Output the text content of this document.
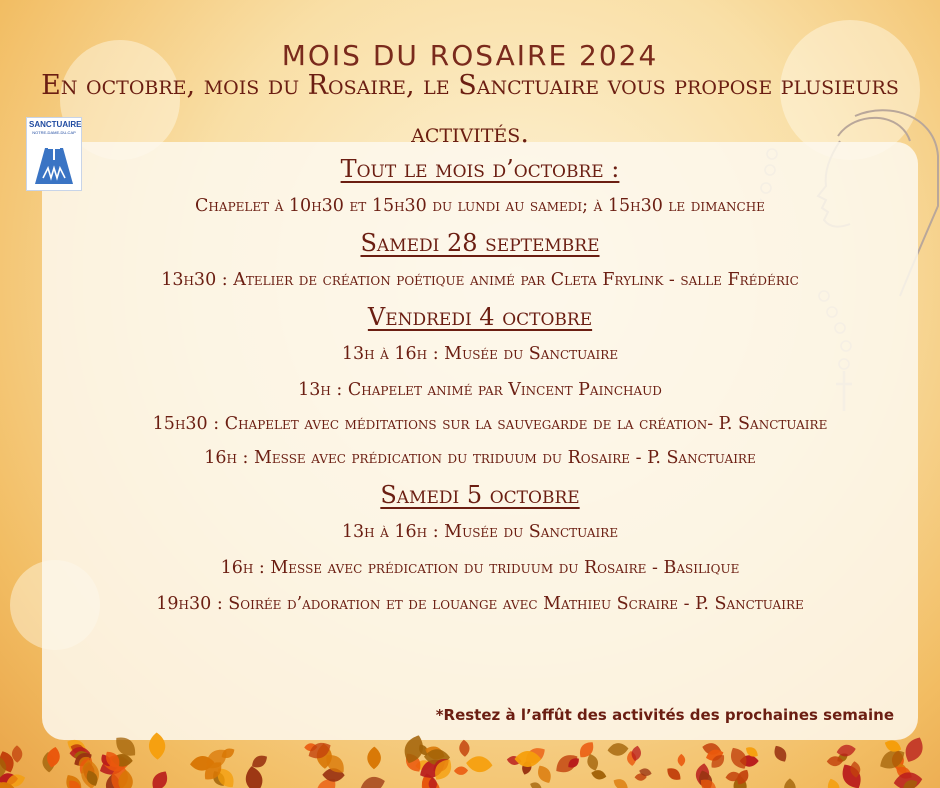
MOIS DU ROSAIRE 2024
En octobre, mois du Rosaire, le Sanctuaire vous propose plusieurs activités.
SANCTUAIRE
NOTRE-DAME-DU-CAP

Tout le mois d’octobre :

Chapelet à 10h30 et 15h30 du lundi au samedi; à 15h30 le dimanche

Samedi 28 septembre

13h30 : Atelier de création poétique animé par Cleta Frylink - salle Frédéric

Vendredi 4 octobre

13h à 16h : Musée du Sanctuaire

13h : Chapelet animé par Vincent Painchaud

15h30 : Chapelet avec méditations sur la sauvegarde de la création- P. Sanctuaire

16h : Messe avec prédication du triduum du Rosaire - P. Sanctuaire

Samedi 5 octobre

13h à 16h : Musée du Sanctuaire

16h : Messe avec prédication du triduum du Rosaire - Basilique

19h30 : Soirée d’adoration et de louange avec Mathieu Scraire - P. Sanctuaire

*Restez à l’affût des activités des prochaines semaine
